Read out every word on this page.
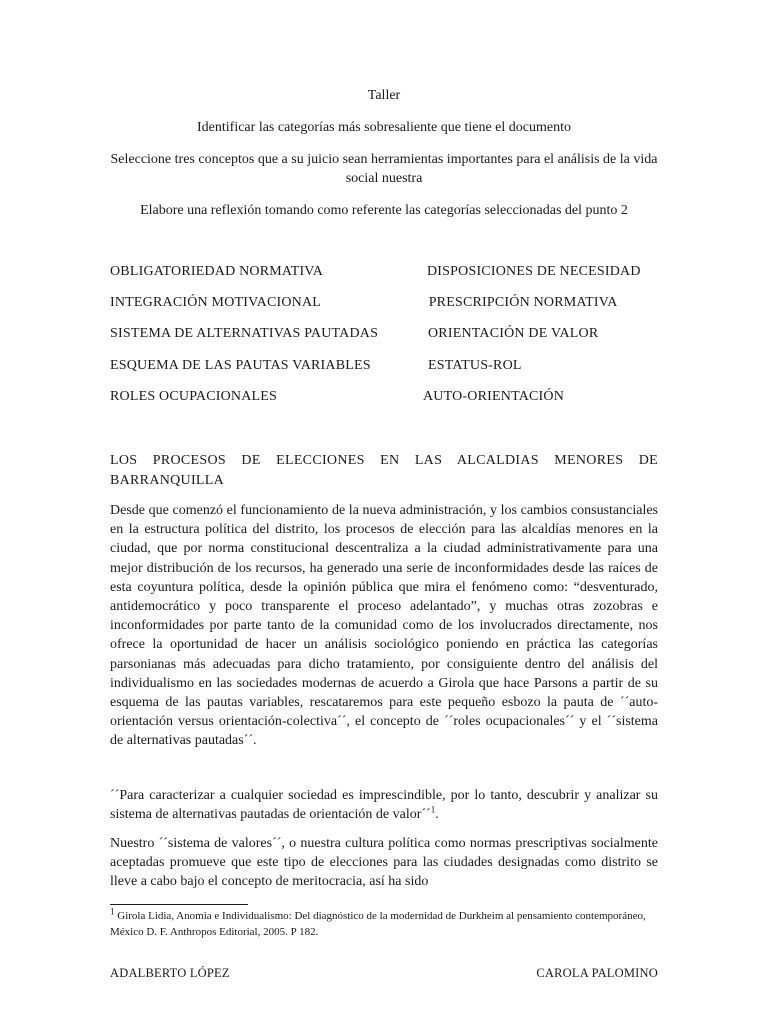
Taller
Identificar las categorías más sobresaliente que tiene el documento
Seleccione tres conceptos que a su juicio sean herramientas importantes para el análisis de la vida social nuestra
Elabore una reflexión tomando como referente las categorías seleccionadas del punto 2
OBLIGATORIEDAD NORMATIVA
INTEGRACIÓN MOTIVACIONAL
SISTEMA DE ALTERNATIVAS PAUTADAS
ESQUEMA DE LAS PAUTAS VARIABLES
ROLES OCUPACIONALES
DISPOSICIONES DE NECESIDAD
PRESCRIPCIÓN NORMATIVA
ORIENTACIÓN DE VALOR
ESTATUS-ROL
AUTO-ORIENTACIÓN
LOS PROCESOS DE ELECCIONES EN LAS ALCALDIAS MENORES DE BARRANQUILLA

Desde que comenzó el funcionamiento de la nueva administración, y los cambios consustanciales en la estructura política del distrito, los procesos de elección para las alcaldías menores en la ciudad, que por norma constitucional descentraliza a la ciudad administrativamente para una mejor distribución de los recursos, ha generado una serie de inconformidades desde las raíces de esta coyuntura política, desde la opinión pública que mira el fenómeno como: “desventurado, antidemocrático y poco transparente el proceso adelantado”, y muchas otras zozobras e inconformidades por parte tanto de la comunidad como de los involucrados directamente, nos ofrece la oportunidad de hacer un análisis sociológico poniendo en práctica las categorías parsonianas más adecuadas para dicho tratamiento, por consiguiente dentro del análisis del individualismo en las sociedades modernas de acuerdo a Girola que hace Parsons a partir de su esquema de las pautas variables, rescataremos para este pequeño esbozo la pauta de ´´auto-orientación versus orientación-colectiva´´, el concepto de ´´roles ocupacionales´´ y el ´´sistema de alternativas pautadas´´.

´´Para caracterizar a cualquier sociedad es imprescindible, por lo tanto, descubrir y analizar su sistema de alternativas pautadas de orientación de valor´´$^1$.

Nuestro ´´sistema de valores´´, o nuestra cultura política como normas prescriptivas socialmente aceptadas promueve que este tipo de elecciones para las ciudades designadas como distrito se lleve a cabo bajo el concepto de meritocracia, así ha sido

$^1$ Girola Lidia, Anomia e Individualismo: Del diagnóstico de la modernidad de Durkheim al pensamiento contemporáneo, México D. F. Anthropos Editorial, 2005. P 182.

ADALBERTO LÓPEZ	CAROLA PALOMINO
